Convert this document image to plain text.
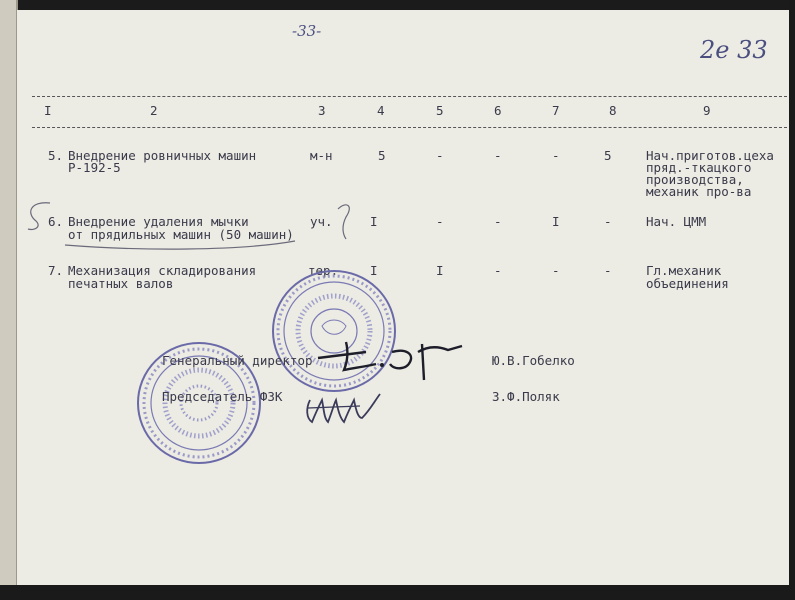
-33-
2e 33
I	2	3	4	5	6	7	8	9
5. Внедрение ровничных машин
Р-192-5
м-н	5	-	-	-	5	Нач.приготов.цеха
пряд.-ткацкого
производства,
механик про-ва
6. Внедрение удаления мычки
от прядильных машин (50 машин)
уч.	I	-	-	I	-	Нач. ЦММ
7. Механизация складирования
печатных валов
тер.	I	I	-	-	-	Гл.механик
объединения
Генеральный директор	Ю.В.Гобелко
Председатель ФЗК	З.Ф.Поляк
